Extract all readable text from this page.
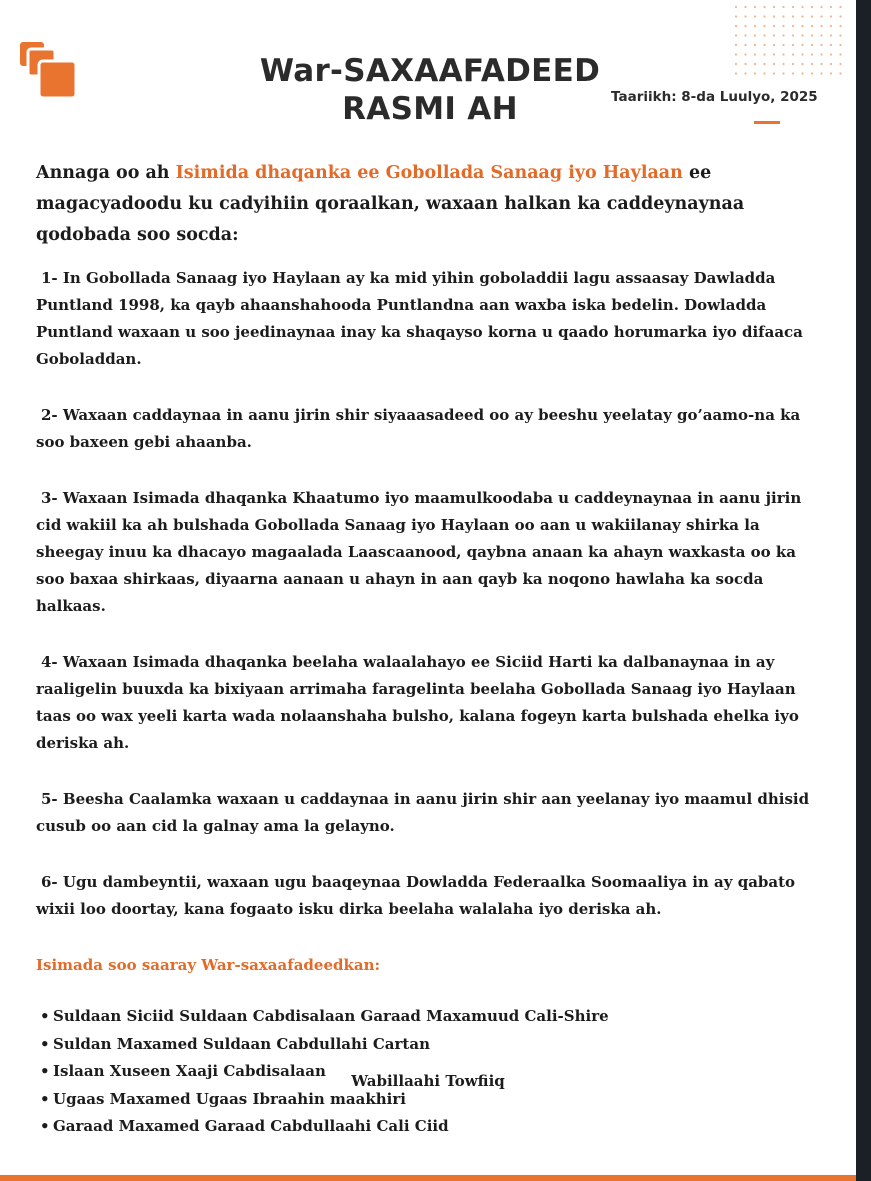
War-SAXAAFADEED
RASMI AH	Taariikh: 8-da Luulyo, 2025

Annaga oo ah Isimida dhaqanka ee Gobollada Sanaag iyo Haylaan ee magacyadoodu ku cadyihiin qoraalkan, waxaan halkan ka caddeynaynaa qodobada soo socda:

1- In Gobollada Sanaag iyo Haylaan ay ka mid yihin goboladdii lagu assaasay Dawladda Puntland 1998, ka qayb ahaanshahooda Puntlandna aan waxba iska bedelin. Dowladda Puntland waxaan u soo jeedinaynaa inay ka shaqayso korna u qaado horumarka iyo difaaca Goboladdan.

2- Waxaan caddaynaa in aanu jirin shir siyaaasadeed oo ay beeshu yeelatay go’aamo-na ka soo baxeen gebi ahaanba.

3- Waxaan Isimada dhaqanka Khaatumo iyo maamulkoodaba u caddeynaynaa in aanu jirin cid wakiil ka ah bulshada Gobollada Sanaag iyo Haylaan oo aan u wakiilanay shirka la sheegay inuu ka dhacayo magaalada Laascaanood, qaybna anaan ka ahayn waxkasta oo ka soo baxaa shirkaas, diyaarna aanaan u ahayn in aan qayb ka noqono hawlaha ka socda halkaas.

4- Waxaan Isimada dhaqanka beelaha walaalahayo ee Siciid Harti ka dalbanaynaa in ay raaligelin buuxda ka bixiyaan arrimaha faragelinta beelaha Gobollada Sanaag iyo Haylaan taas oo wax yeeli karta wada nolaanshaha bulsho, kalana fogeyn karta bulshada ehelka iyo deriska ah.

5- Beesha Caalamka waxaan u caddaynaa in aanu jirin shir aan yeelanay iyo maamul dhisid cusub oo aan cid la galnay ama la gelayno.

6- Ugu dambeyntii, waxaan ugu baaqeynaa Dowladda Federaalka Soomaaliya in ay qabato wixii loo doortay, kana fogaato isku dirka beelaha walalaha iyo deriska ah.

Isimada soo saaray War-saxaafadeedkan:

• Suldaan Siciid Suldaan Cabdisalaan Garaad Maxamuud Cali-Shire
• Suldan Maxamed Suldaan Cabdullahi Cartan
• Islaan Xuseen Xaaji Cabdisalaan
• Ugaas Maxamed Ugaas Ibraahin maakhiri
• Garaad Maxamed Garaad Cabdullaahi Cali Ciid
Wabillaahi Towfiiq
